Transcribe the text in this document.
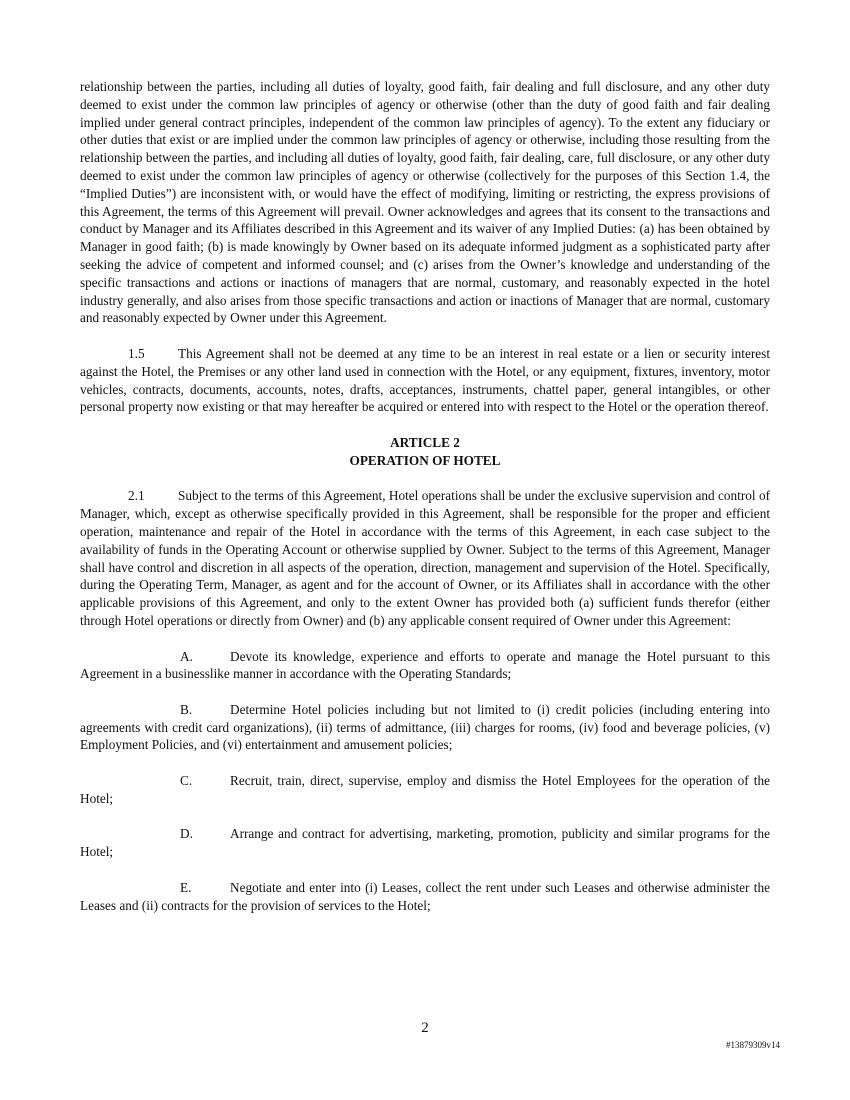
relationship between the parties, including all duties of loyalty, good faith, fair dealing and full disclosure, and any other duty deemed to exist under the common law principles of agency or otherwise (other than the duty of good faith and fair dealing implied under general contract principles, independent of the common law principles of agency). To the extent any fiduciary or other duties that exist or are implied under the common law principles of agency or otherwise, including those resulting from the relationship between the parties, and including all duties of loyalty, good faith, fair dealing, care, full disclosure, or any other duty deemed to exist under the common law principles of agency or otherwise (collectively for the purposes of this Section 1.4, the “Implied Duties”) are inconsistent with, or would have the effect of modifying, limiting or restricting, the express provisions of this Agreement, the terms of this Agreement will prevail. Owner acknowledges and agrees that its consent to the transactions and conduct by Manager and its Affiliates described in this Agreement and its waiver of any Implied Duties: (a) has been obtained by Manager in good faith; (b) is made knowingly by Owner based on its adequate informed judgment as a sophisticated party after seeking the advice of competent and informed counsel; and (c) arises from the Owner’s knowledge and understanding of the specific transactions and actions or inactions of managers that are normal, customary, and reasonably expected in the hotel industry generally, and also arises from those specific transactions and action or inactions of Manager that are normal, customary and reasonably expected by Owner under this Agreement.

1.5	This Agreement shall not be deemed at any time to be an interest in real estate or a lien or security interest against the Hotel, the Premises or any other land used in connection with the Hotel, or any equipment, fixtures, inventory, motor vehicles, contracts, documents, accounts, notes, drafts, acceptances, instruments, chattel paper, general intangibles, or other personal property now existing or that may hereafter be acquired or entered into with respect to the Hotel or the operation thereof.

ARTICLE 2

OPERATION OF HOTEL

2.1	Subject to the terms of this Agreement, Hotel operations shall be under the exclusive supervision and control of Manager, which, except as otherwise specifically provided in this Agreement, shall be responsible for the proper and efficient operation, maintenance and repair of the Hotel in accordance with the terms of this Agreement, in each case subject to the availability of funds in the Operating Account or otherwise supplied by Owner. Subject to the terms of this Agreement, Manager shall have control and discretion in all aspects of the operation, direction, management and supervision of the Hotel. Specifically, during the Operating Term, Manager, as agent and for the account of Owner, or its Affiliates shall in accordance with the other applicable provisions of this Agreement, and only to the extent Owner has provided both (a) sufficient funds therefor (either through Hotel operations or directly from Owner) and (b) any applicable consent required of Owner under this Agreement:

A.	Devote its knowledge, experience and efforts to operate and manage the Hotel pursuant to this Agreement in a businesslike manner in accordance with the Operating Standards;

B.	Determine Hotel policies including but not limited to (i) credit policies (including entering into agreements with credit card organizations), (ii) terms of admittance, (iii) charges for rooms, (iv) food and beverage policies, (v) Employment Policies, and (vi) entertainment and amusement policies;

C.	Recruit, train, direct, supervise, employ and dismiss the Hotel Employees for the operation of the Hotel;

D.	Arrange and contract for advertising, marketing, promotion, publicity and similar programs for the Hotel;

E.	Negotiate and enter into (i) Leases, collect the rent under such Leases and otherwise administer the Leases and (ii) contracts for the provision of services to the Hotel;

2
#13879309v14
